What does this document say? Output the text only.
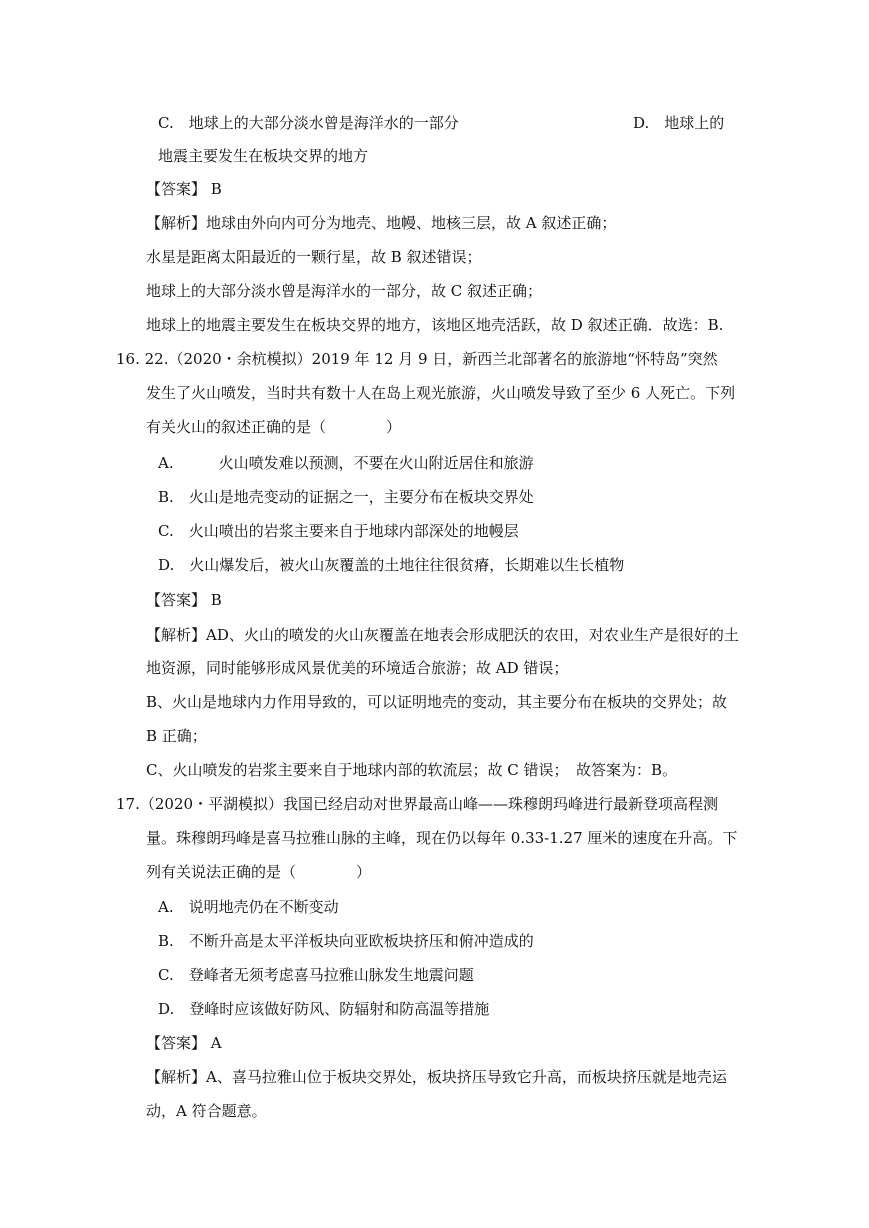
C.　地球上的大部分淡水曾是海洋水的一部分	D.　地球上的
地震主要发生在板块交界的地方
【答案】 B
【解析】地球由外向内可分为地壳、地幔、地核三层，故 A 叙述正确；
水星是距离太阳最近的一颗行星，故 B 叙述错误；
地球上的大部分淡水曾是海洋水的一部分，故 C 叙述正确；
地球上的地震主要发生在板块交界的地方，该地区地壳活跃，故 D 叙述正确．故选：B.
16. 22.（2020・余杭模拟）2019 年 12 月 9 日，新西兰北部著名的旅游地“怀特岛”突然
发生了火山喷发，当时共有数十人在岛上观光旅游，火山喷发导致了至少 6 人死亡。下列
有关火山的叙述正确的是（　　　　）
A.　　　火山喷发难以预测，不要在火山附近居住和旅游
B.　火山是地壳变动的证据之一，主要分布在板块交界处
C.　火山喷出的岩浆主要来自于地球内部深处的地幔层
D.　火山爆发后，被火山灰覆盖的土地往往很贫瘠，长期难以生长植物
【答案】 B
【解析】AD、火山的喷发的火山灰覆盖在地表会形成肥沃的农田，对农业生产是很好的土
地资源，同时能够形成风景优美的环境适合旅游；故 AD 错误；
B、火山是地球内力作用导致的，可以证明地壳的变动，其主要分布在板块的交界处；故
B 正确；
C、火山喷发的岩浆主要来自于地球内部的软流层；故 C 错误；　故答案为：B。
17.（2020・平湖模拟）我国已经启动对世界最高山峰——珠穆朗玛峰进行最新登项高程测
量。珠穆朗玛峰是喜马拉雅山脉的主峰，现在仍以每年 0.33-1.27 厘米的速度在升高。下
列有关说法正确的是（　　　　）
A.　说明地壳仍在不断变动
B.　不断升高是太平洋板块向亚欧板块挤压和俯冲造成的
C.　登峰者无须考虑喜马拉雅山脉发生地震问题
D.　登峰时应该做好防风、防辐射和防高温等措施
【答案】 A
【解析】A、喜马拉雅山位于板块交界处，板块挤压导致它升高，而板块挤压就是地壳运
动，A 符合题意。
